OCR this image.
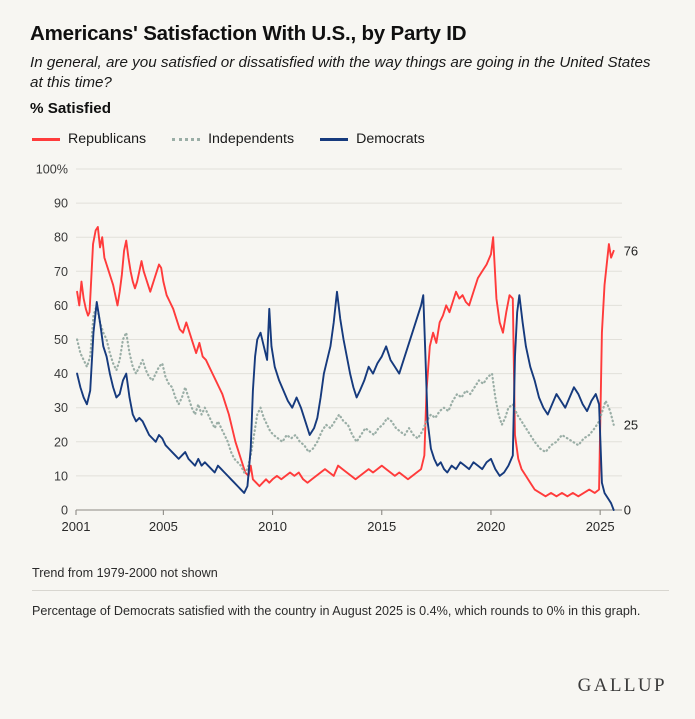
Americans' Satisfaction With U.S., by Party ID

In general, are you satisfied or dissatisfied with the way things are going in the United States at this time?

% Satisfied

Republicans	Independents	Democrats
0
10
20
30
40
50
60
70
80
90
100%
2001	2005	2010	2015	2020	2025
76
25
0

Trend from 1979-2000 not shown

Percentage of Democrats satisfied with the country in August 2025 is 0.4%, which rounds to 0% in this graph.

GALLUP
